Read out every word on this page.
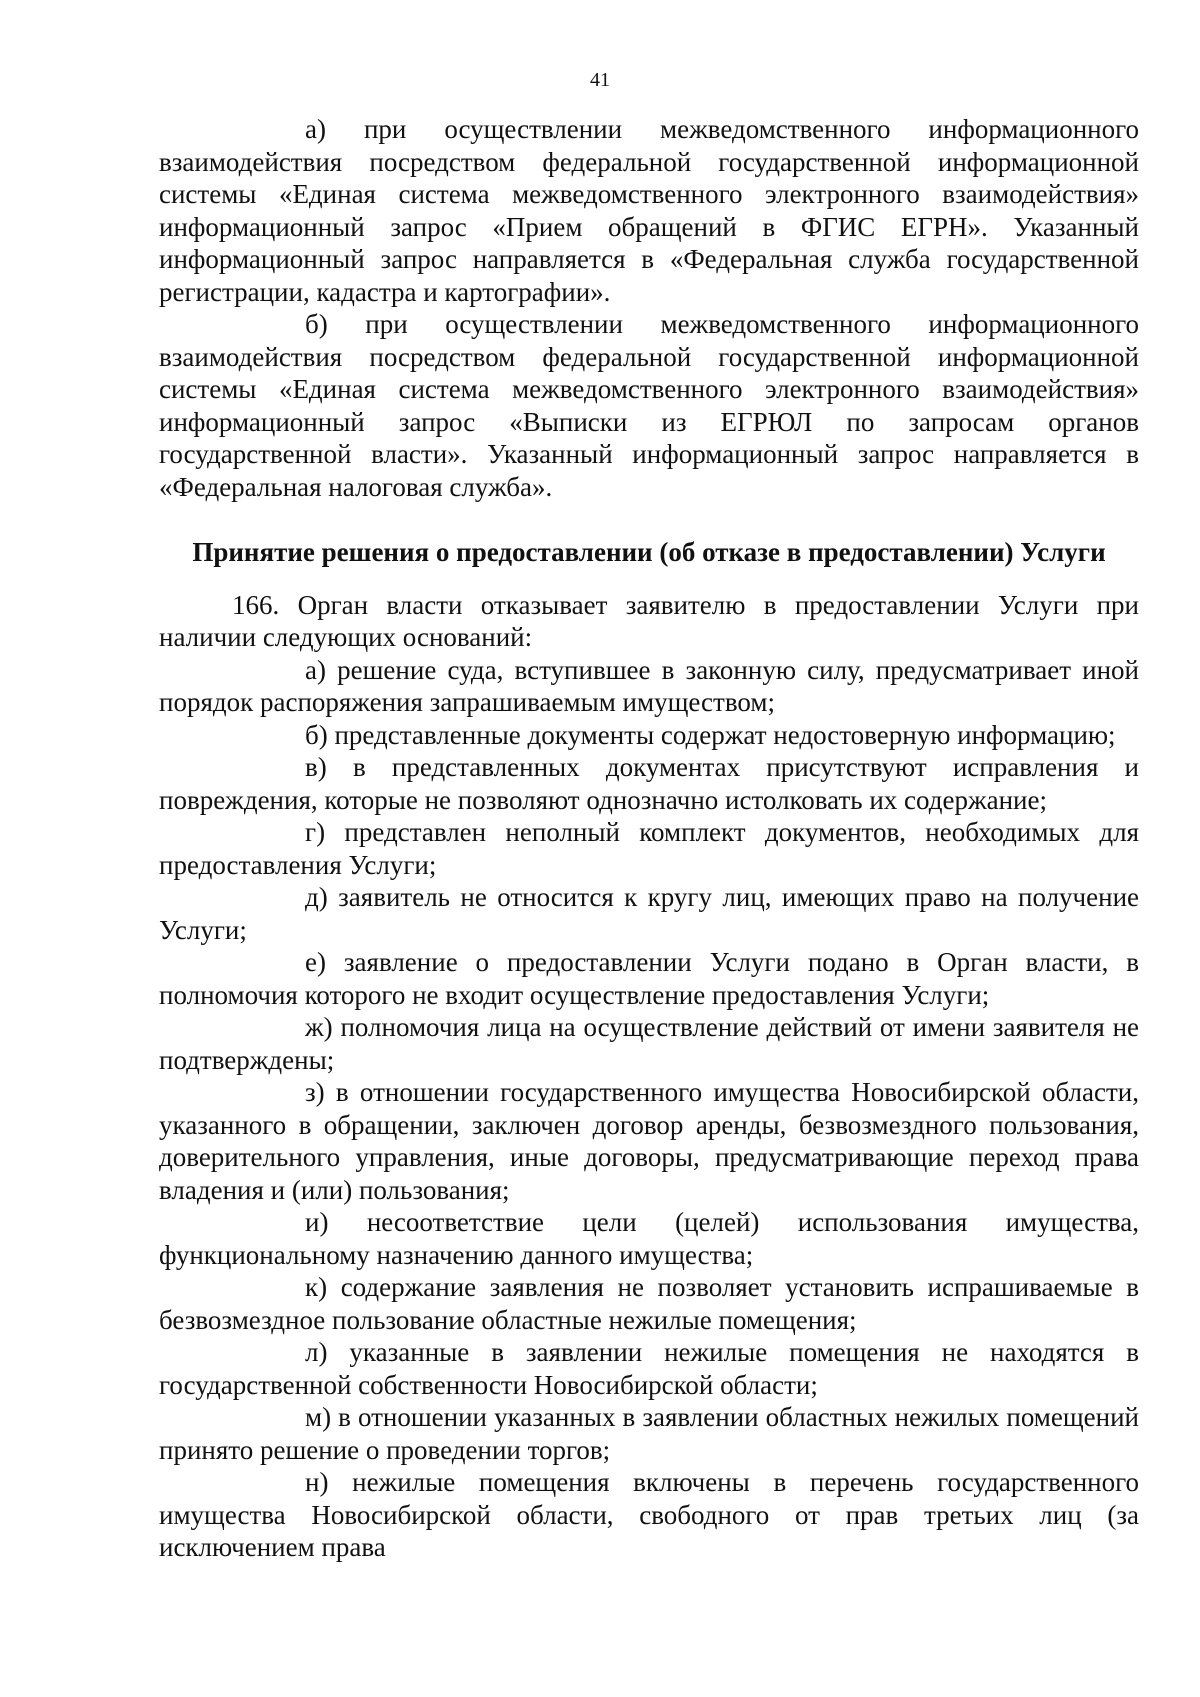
41

а) при осуществлении межведомственного информационного взаимодействия посредством федеральной государственной информационной системы «Единая система межведомственного электронного взаимодействия» информационный запрос «Прием обращений в ФГИС ЕГРН». Указанный информационный запрос направляется в «Федеральная служба государственной регистрации, кадастра и картографии».

б) при осуществлении межведомственного информационного взаимодействия посредством федеральной государственной информационной системы «Единая система межведомственного электронного взаимодействия» информационный запрос «Выписки из ЕГРЮЛ по запросам органов государственной власти». Указанный информационный запрос направляется в «Федеральная налоговая служба».

Принятие решения о предоставлении (об отказе в предоставлении) Услуги

166. Орган власти отказывает заявителю в предоставлении Услуги при наличии следующих оснований:

а) решение суда, вступившее в законную силу, предусматривает иной порядок распоряжения запрашиваемым имуществом;

б) представленные документы содержат недостоверную информацию;

в) в представленных документах присутствуют исправления и повреждения, которые не позволяют однозначно истолковать их содержание;

г) представлен неполный комплект документов, необходимых для предоставления Услуги;

д) заявитель не относится к кругу лиц, имеющих право на получение Услуги;

е) заявление о предоставлении Услуги подано в Орган власти, в полномочия которого не входит осуществление предоставления Услуги;

ж) полномочия лица на осуществление действий от имени заявителя не подтверждены;

з) в отношении государственного имущества Новосибирской области, указанного в обращении, заключен договор аренды, безвозмездного пользования, доверительного управления, иные договоры, предусматривающие переход права владения и (или) пользования;

и) несоответствие цели (целей) использования имущества, функциональному назначению данного имущества;

к) содержание заявления не позволяет установить испрашиваемые в безвозмездное пользование областные нежилые помещения;

л) указанные в заявлении нежилые помещения не находятся в государственной собственности Новосибирской области;

м) в отношении указанных в заявлении областных нежилых помещений принято решение о проведении торгов;

н) нежилые помещения включены в перечень государственного имущества Новосибирской области, свободного от прав третьих лиц (за исключением права
